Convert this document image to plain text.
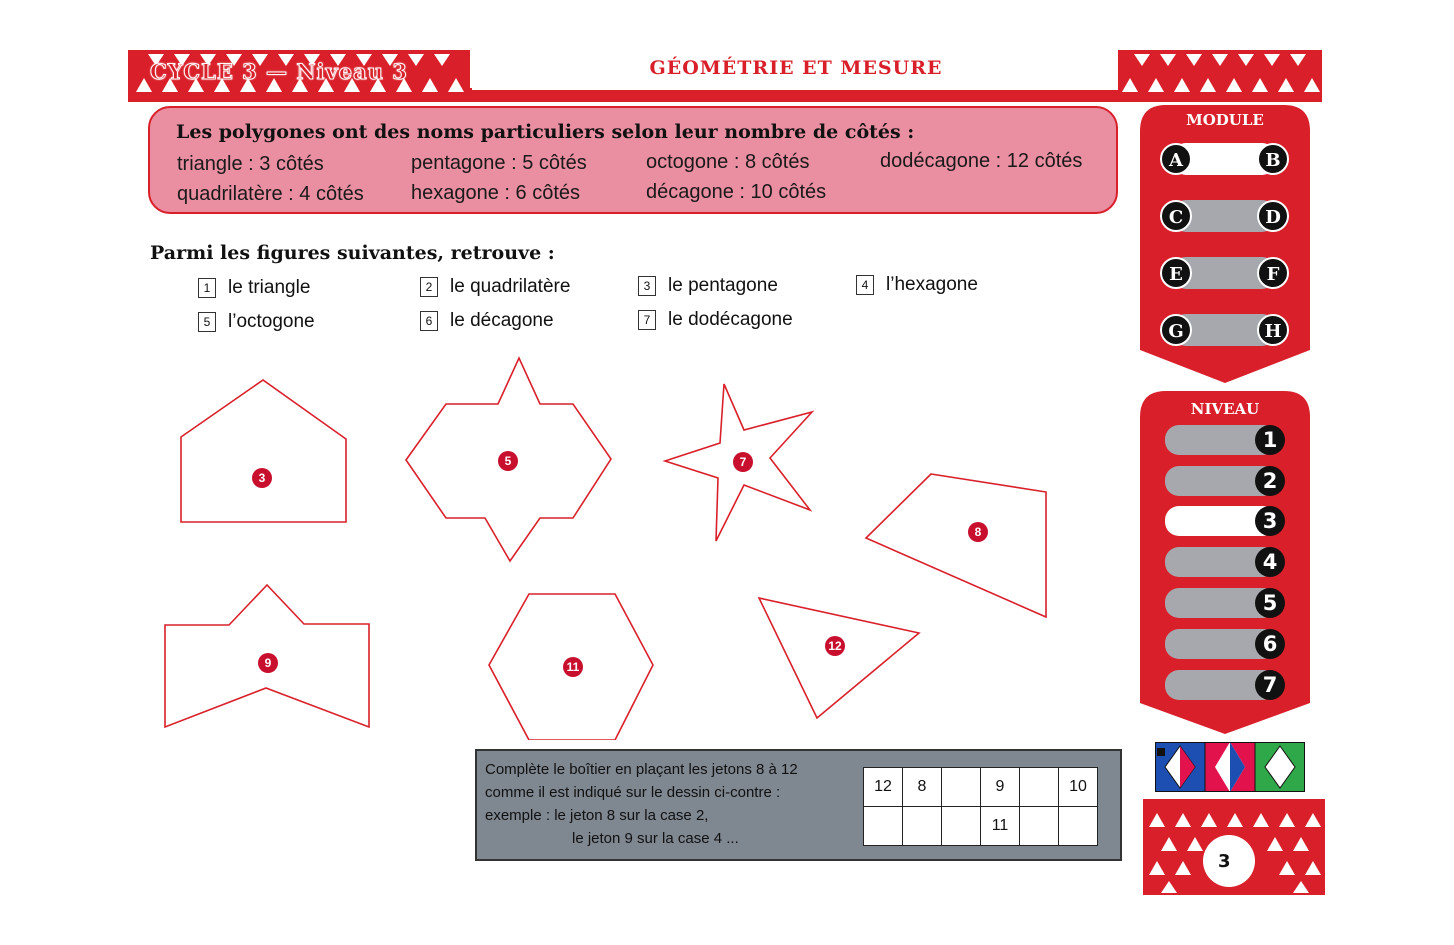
CYCLE 3 — Niveau 3	GÉOMÉTRIE ET MESURE
Les polygones ont des noms particuliers selon leur nombre de côtés :
triangle : 3 côtés
quadrilatère : 4 côtés
pentagone : 5 côtés
hexagone : 6 côtés
octogone : 8 côtés
décagone : 10 côtés
dodécagone : 12 côtés
Parmi les figures suivantes, retrouve :
1 le triangle	2 le quadrilatère	3 le pentagone	4 l’hexagone
5 l’octogone	6 le décagone	7 le dodécagone
3
5	7
8
9	11
12
Complète le boîtier en plaçant les jetons 8 à 12
comme il est indiqué sur le dessin ci-contre :
exemple : le jeton 8 sur la case 2,
le jeton 9 sur la case 4 ...
12	8		9		10
			11		
MODULE
A	B
C	D
E	F
G	H
NIVEAU
1
2
3
4
5
6
7
3
